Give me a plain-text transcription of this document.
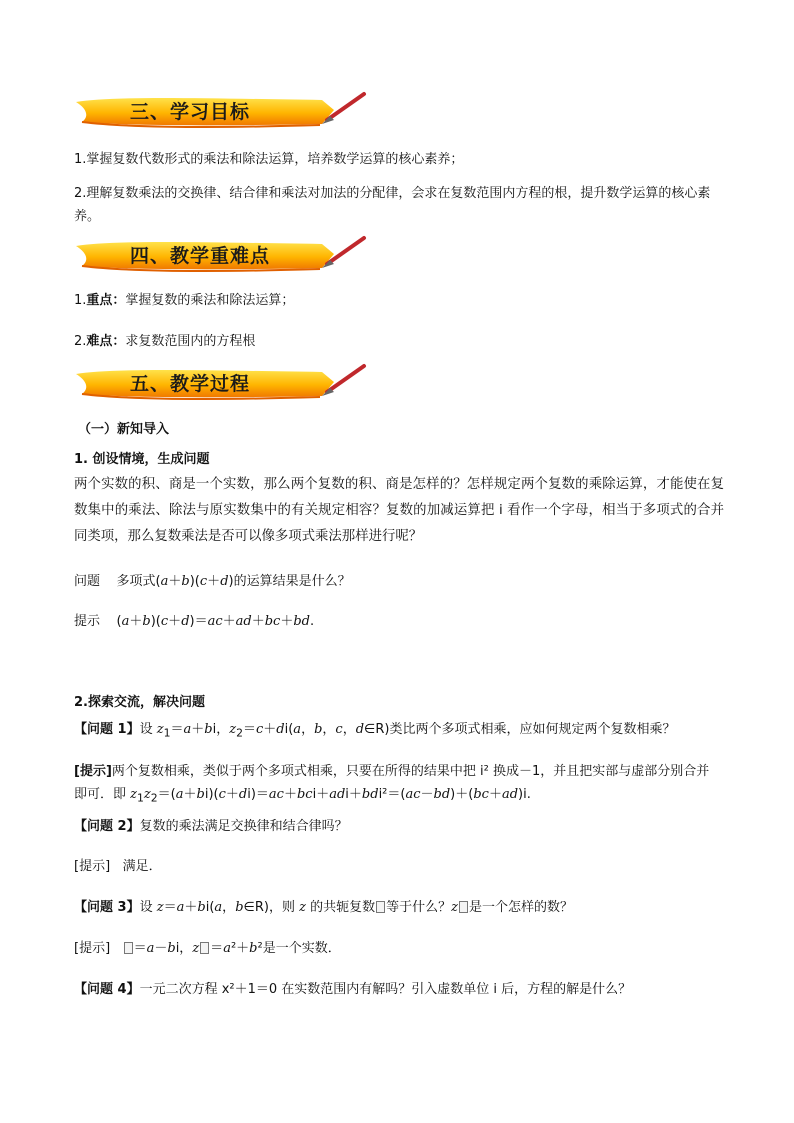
三、学习目标
1.掌握复数代数形式的乘法和除法运算，培养数学运算的核心素养；
2.理解复数乘法的交换律、结合律和乘法对加法的分配律，会求在复数范围内方程的根，提升数学运算的核心素养。
四、教学重难点
1.重点：掌握复数的乘法和除法运算；
2.难点：求复数范围内的方程根
五、教学过程
（一）新知导入
1. 创设情境，生成问题
两个实数的积、商是一个实数，那么两个复数的积、商是怎样的？怎样规定两个复数的乘除运算，才能使在复数集中的乘法、除法与原实数集中的有关规定相容？复数的加减运算把 i 看作一个字母，相当于多项式的合并同类项，那么复数乘法是否可以像多项式乘法那样进行呢？
问题 多项式(a＋b)(c＋d)的运算结果是什么？
提示    (a＋b)(c＋d)＝ac＋ad＋bc＋bd.
2.探索交流，解决问题
【问题 1】设 $z_1=a+bi$，$z_2=c+di(a$，b，c，d∈R)类比两个多项式相乘，应如何规定两个复数相乘？
[提示]两个复数相乘，类似于两个多项式相乘，只要在所得的结果中把 i² 换成－1，并且把实部与虚部分别合并即可．即 $z_1z_2=(a+bi)(c+di)=ac+bci+adi+bdi^2=(ac-bd)+(bc+ad)i$.
【问题 2】复数的乘法满足交换律和结合律吗？
[提示] 满足．
【问题 3】设 z＝a＋bi(a，b∈R)，则 z 的共轭复数 等于什么？z 是一个怎样的数？
[提示] ＝a－bi，z ＝a²＋b²是一个实数．
【问题 4】一元二次方程 x²＋1＝0 在实数范围内有解吗？引入虚数单位 i 后，方程的解是什么？
